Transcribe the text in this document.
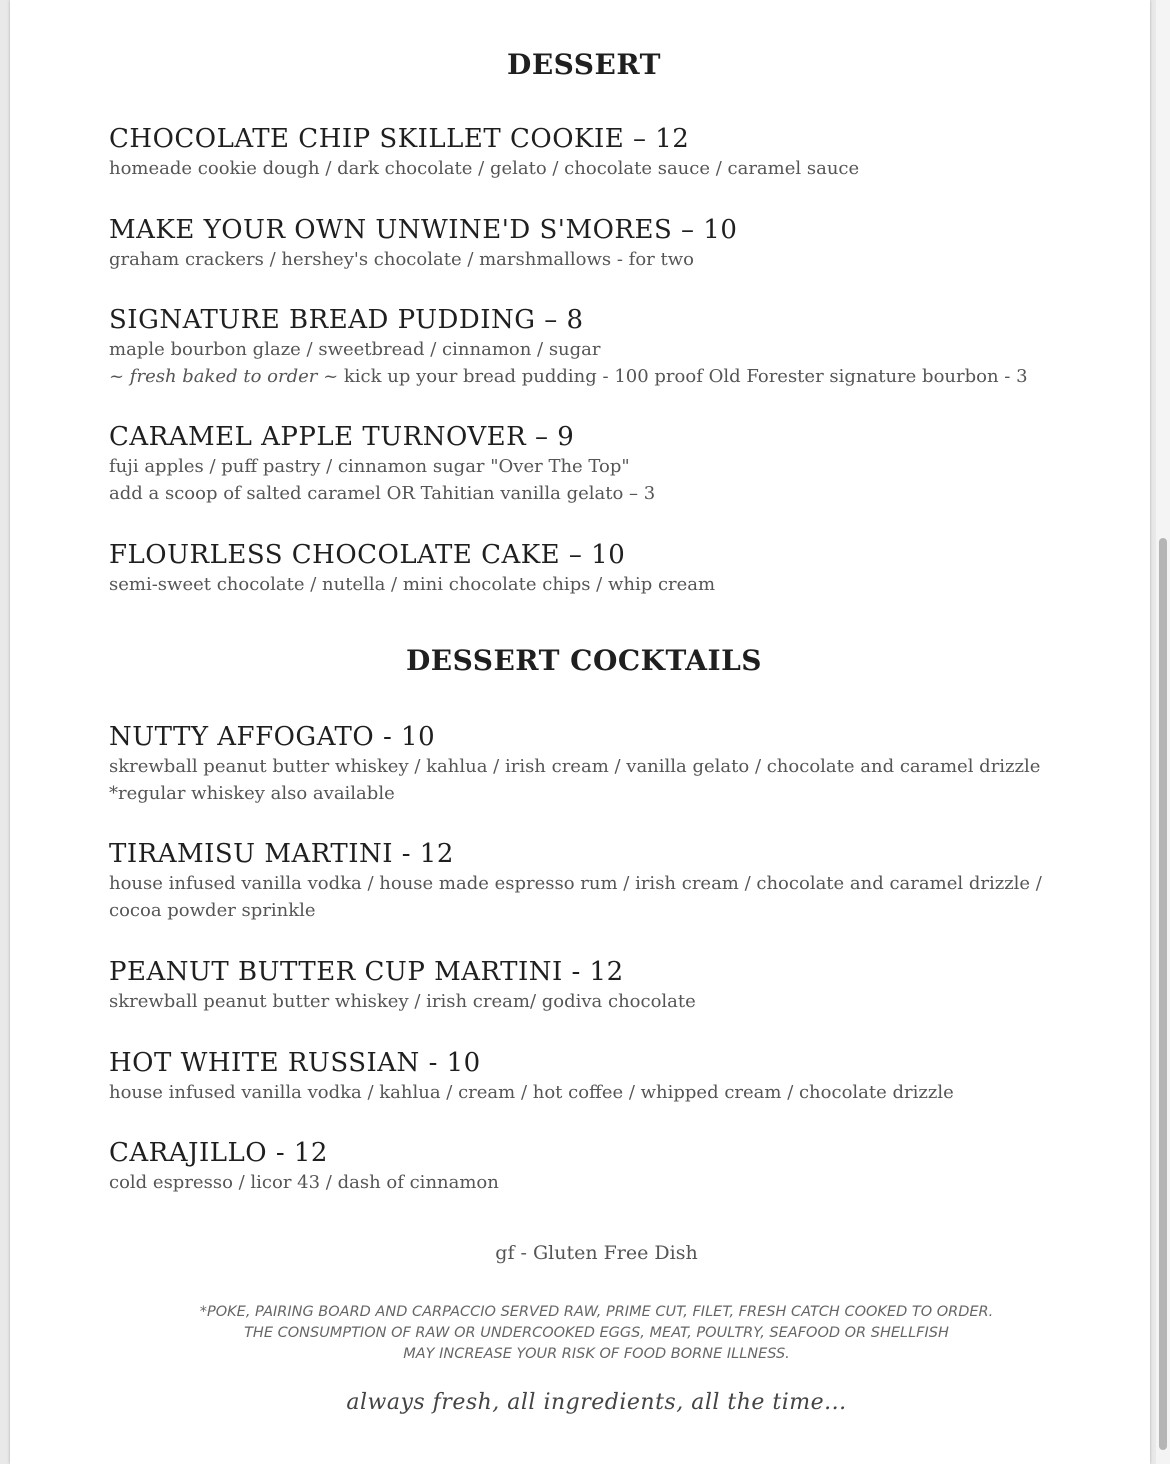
DESSERT
CHOCOLATE CHIP SKILLET COOKIE – 12
homeade cookie dough / dark chocolate / gelato / chocolate sauce / caramel sauce
MAKE YOUR OWN UNWINE'D S'MORES – 10
graham crackers / hershey's chocolate / marshmallows - for two
SIGNATURE BREAD PUDDING – 8
maple bourbon glaze / sweetbread / cinnamon / sugar
~ fresh baked to order ~ kick up your bread pudding - 100 proof Old Forester signature bourbon - 3
CARAMEL APPLE TURNOVER – 9
fuji apples / puff pastry / cinnamon sugar "Over The Top"
add a scoop of salted caramel OR Tahitian vanilla gelato – 3
FLOURLESS CHOCOLATE CAKE – 10
semi-sweet chocolate / nutella / mini chocolate chips / whip cream
DESSERT COCKTAILS
NUTTY AFFOGATO - 10
skrewball peanut butter whiskey / kahlua / irish cream / vanilla gelato / chocolate and caramel drizzle
*regular whiskey also available
TIRAMISU MARTINI - 12
house infused vanilla vodka / house made espresso rum / irish cream / chocolate and caramel drizzle /
cocoa powder sprinkle
PEANUT BUTTER CUP MARTINI - 12
skrewball peanut butter whiskey / irish cream/ godiva chocolate
HOT WHITE RUSSIAN - 10
house infused vanilla vodka / kahlua / cream / hot coffee / whipped cream / chocolate drizzle
CARAJILLO - 12
cold espresso / licor 43 / dash of cinnamon
gf - Gluten Free Dish
*POKE, PAIRING BOARD AND CARPACCIO SERVED RAW, PRIME CUT, FILET, FRESH CATCH COOKED TO ORDER.
THE CONSUMPTION OF RAW OR UNDERCOOKED EGGS, MEAT, POULTRY, SEAFOOD OR SHELLFISH
MAY INCREASE YOUR RISK OF FOOD BORNE ILLNESS.
always fresh, all ingredients, all the time...
